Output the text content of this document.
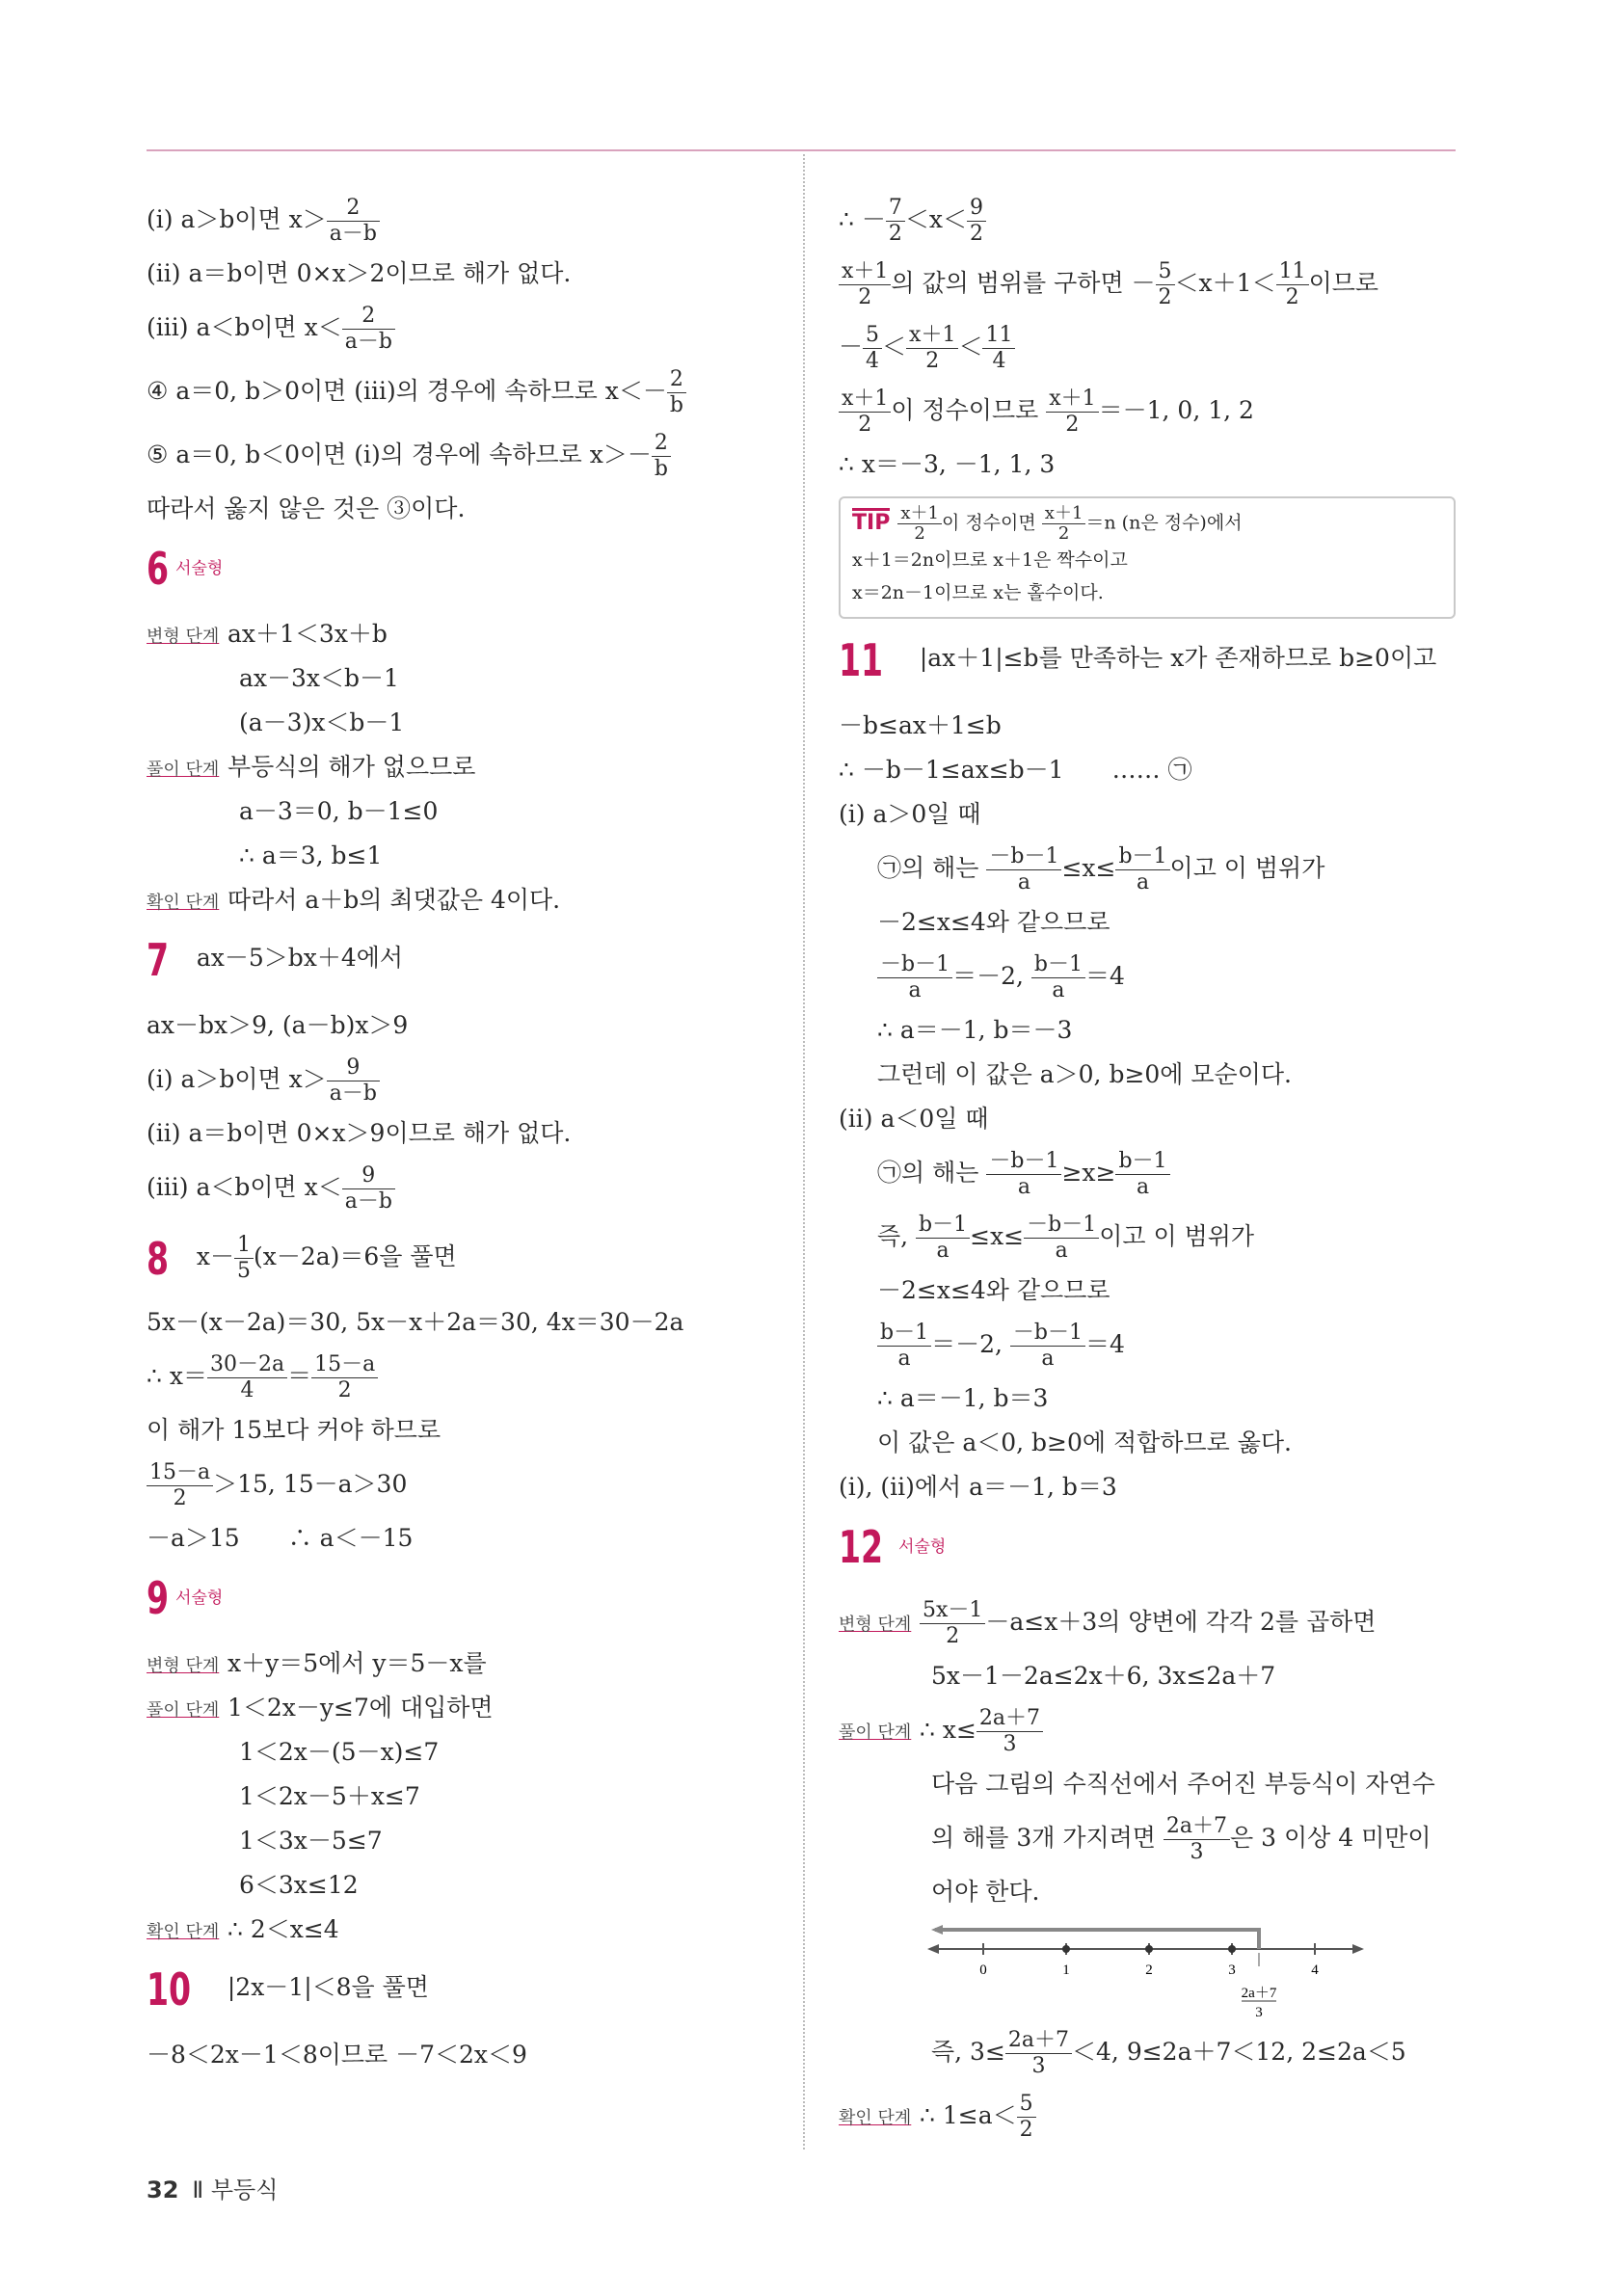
(ⅰ) a＞b이면 $x> \frac{2}{a-b}$
(ⅱ) a＝b이면 0×x＞2이므로 해가 없다.
(ⅲ) a＜b이면 $x< \frac{2}{a-b}$
④ a＝0, b＞0이면 (ⅲ)의 경우에 속하므로 $x<- \frac{2}{b}$
⑤ a＝0, b＜0이면 (ⅰ)의 경우에 속하므로 $x>- \frac{2}{b}$
따라서 옳지 않은 것은 ③이다.
6 서술형
변형 단계 ax＋1＜3x＋b
ax－3x＜b－1
(a－3)x＜b－1
풀이 단계 부등식의 해가 없으므로
a－3＝0, b－1≤0
∴ a＝3, b≤1
확인 단계 따라서 a＋b의 최댓값은 4이다.
7 ax－5＞bx＋4에서
ax－bx＞9, (a－b)x＞9
(ⅰ) a＞b이면 $x> \frac{9}{a-b}$
(ⅱ) a＝b이면 0×x＞9이므로 해가 없다.
(ⅲ) a＜b이면 $x< \frac{9}{a-b}$
8 $x- \frac{1}{5} (x-2a)=6$을 풀면
5x－(x－2a)＝30, 5x－x＋2a＝30, 4x＝30－2a
∴ $x= \frac{30-2a}{4} = \frac{15-a}{2}$
이 해가 15보다 커야 하므로
$\frac{15-a}{2} >15$, 15－a＞30
－a＞15　　∴ a＜－15
9 서술형
변형 단계 x＋y＝5에서 y＝5－x를
풀이 단계 1＜2x－y≤7에 대입하면
1＜2x－(5－x)≤7
1＜2x－5＋x≤7
1＜3x－5≤7
6＜3x≤12
확인 단계 ∴ 2＜x≤4
10 |2x－1|＜8을 풀면
－8＜2x－1＜8이므로 －7＜2x＜9
∴ － $\frac{7}{2} <x< \frac{9}{2}$
$\frac{x+1}{2}$ 의 값의 범위를 구하면 － $\frac{5}{2} <x+1< \frac{11}{2}$ 이므로
－ $\frac{5}{4} < \frac{x+1}{2} < \frac{11}{4}$
$\frac{x+1}{2}$ 이 정수이므로 $\frac{x+1}{2} =-1$, 0, 1, 2
∴ x＝－3, －1, 1, 3
TIP $\frac{x+1}{2}$ 이 정수이면 $\frac{x+1}{2} =n$ (n은 정수)에서
x＋1＝2n이므로 x＋1은 짝수이고
x＝2n－1이므로 x는 홀수이다.
11 |ax＋1|≤b를 만족하는 x가 존재하므로 b≥0이고
－b≤ax＋1≤b
∴ －b－1≤ax≤b－1　　…… ㉠
(ⅰ) a＞0일 때
㉠의 해는 $\frac{-b-1}{a} \le x\le \frac{b-1}{a}$ 이고 이 범위가
－2≤x≤4와 같으므로
$\frac{-b-1}{a} =-2$, $\frac{b-1}{a} =4$
∴ a＝－1, b＝－3
그런데 이 값은 a＞0, b≥0에 모순이다.
(ⅱ) a＜0일 때
㉠의 해는 $\frac{-b-1}{a} \ge x\ge \frac{b-1}{a}$
즉, $\frac{b-1}{a} \le x\le \frac{-b-1}{a}$ 이고 이 범위가
－2≤x≤4와 같으므로
$\frac{b-1}{a} =-2$, $\frac{-b-1}{a} =4$
∴ a＝－1, b＝3
이 값은 a＜0, b≥0에 적합하므로 옳다.
(ⅰ), (ⅱ)에서 a＝－1, b＝3
12 서술형
변형 단계 $\frac{5x-1}{2} -a\le x+3$의 양변에 각각 2를 곱하면
5x－1－2a≤2x＋6, 3x≤2a＋7
풀이 단계 ∴ $x\le \frac{2a+7}{3}$
다음 그림의 수직선에서 주어진 부등식이 자연수
의 해를 3개 가지려면 $\frac{2a+7}{3}$ 은 3 이상 4 미만이
어야 한다.
0	1	2	3	4
2a＋7
3
즉, $3\le \frac{2a+7}{3} <4$, 9≤2a＋7＜12, 2≤2a＜5
확인 단계 ∴ $1\le a< \frac{5}{2}$
32 Ⅱ 부등식
